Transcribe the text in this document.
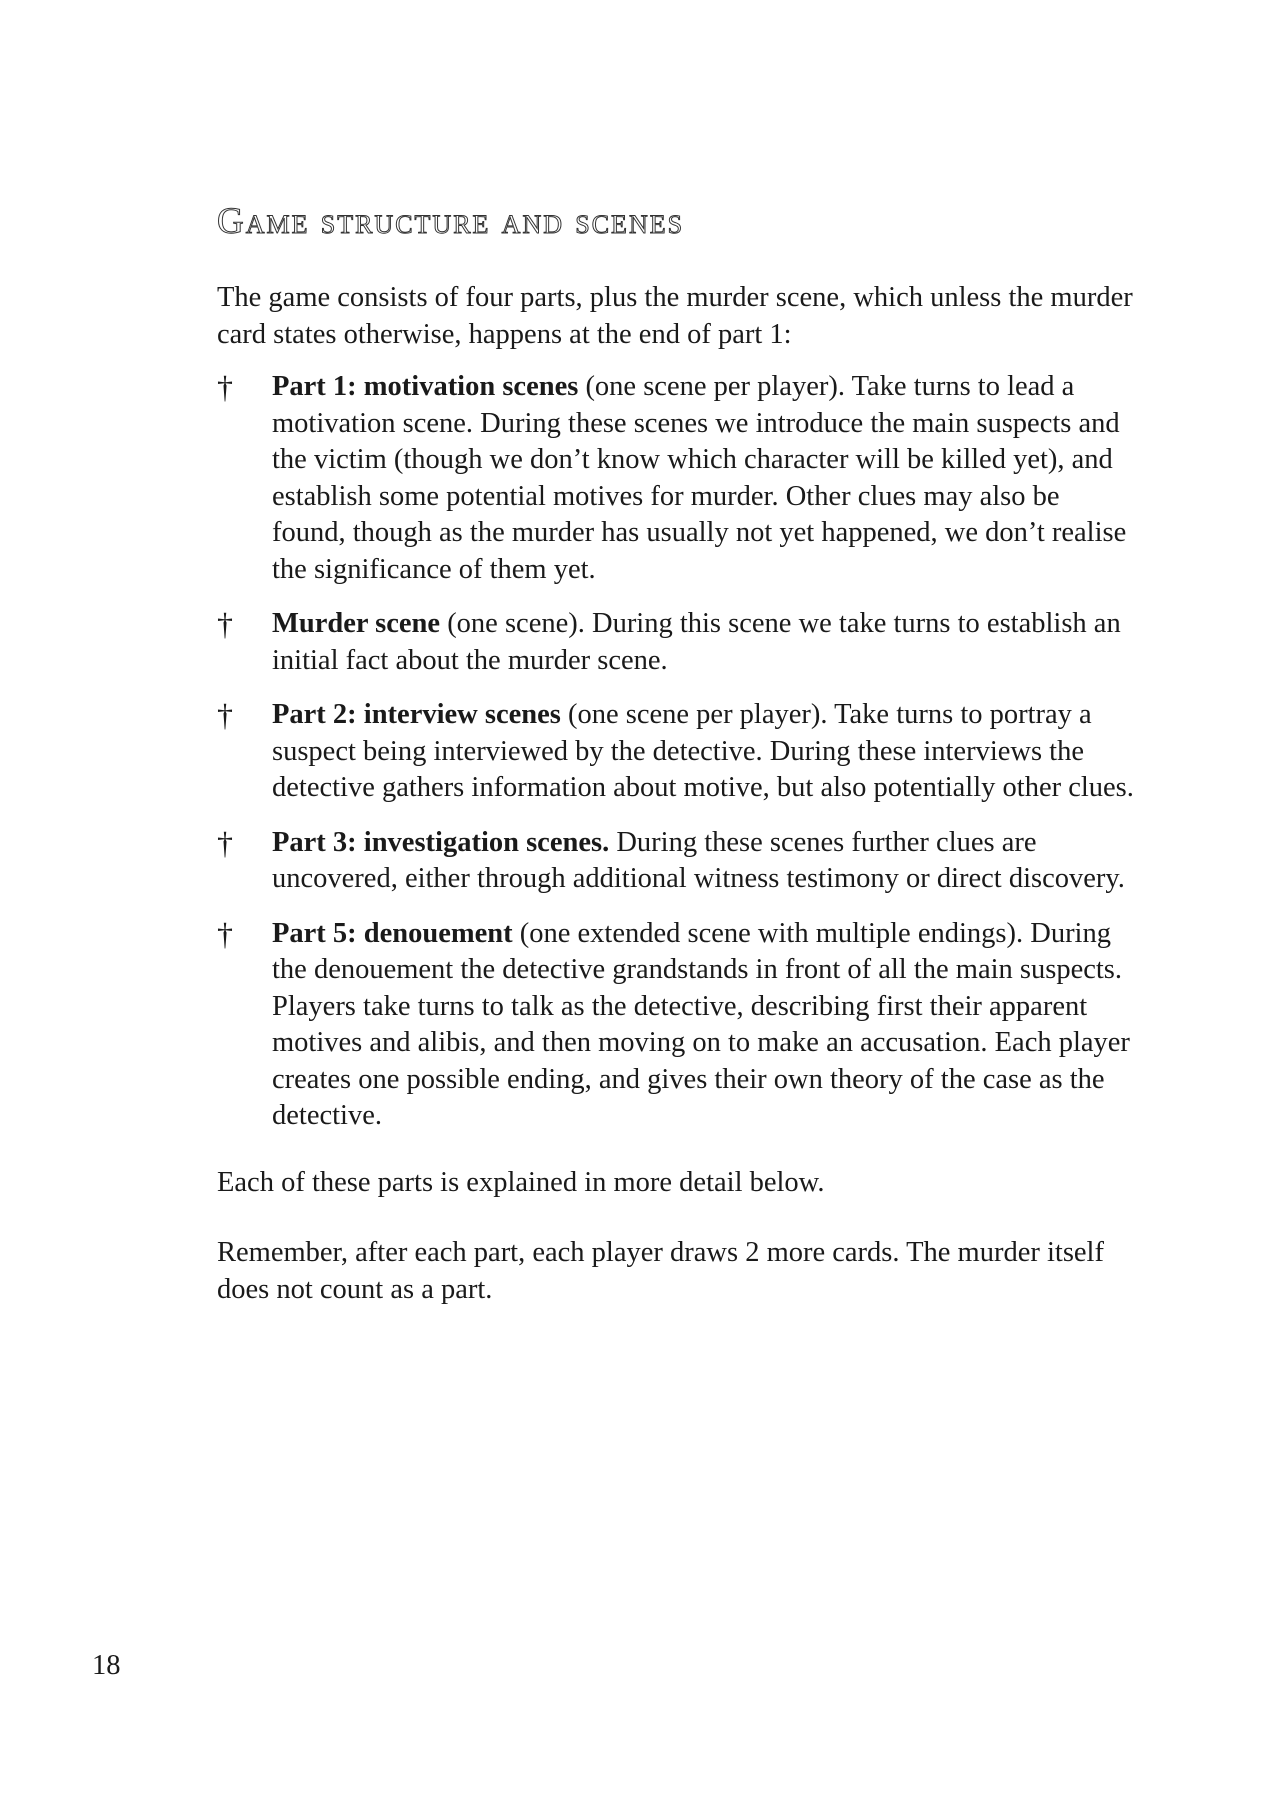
Game structure and scenes

The game consists of four parts, plus the murder scene, which unless the murder card states otherwise, happens at the end of part 1:

† Part 1: motivation scenes (one scene per player). Take turns to lead a motivation scene. During these scenes we introduce the main suspects and the victim (though we don’t know which character will be killed yet), and establish some potential motives for murder. Other clues may also be found, though as the murder has usually not yet happened, we don’t realise the significance of them yet.
† Murder scene (one scene). During this scene we take turns to establish an initial fact about the murder scene.
† Part 2: interview scenes (one scene per player). Take turns to portray a suspect being interviewed by the detective. During these interviews the detective gathers information about motive, but also potentially other clues.
† Part 3: investigation scenes. During these scenes further clues are uncovered, either through additional witness testimony or direct discovery.
† Part 5: denouement (one extended scene with multiple endings). During the denouement the detective grandstands in front of all the main suspects. Players take turns to talk as the detective, describing first their apparent motives and alibis, and then moving on to make an accusation. Each player creates one possible ending, and gives their own theory of the case as the detective.

Each of these parts is explained in more detail below.

Remember, after each part, each player draws 2 more cards. The murder itself does not count as a part.

18
